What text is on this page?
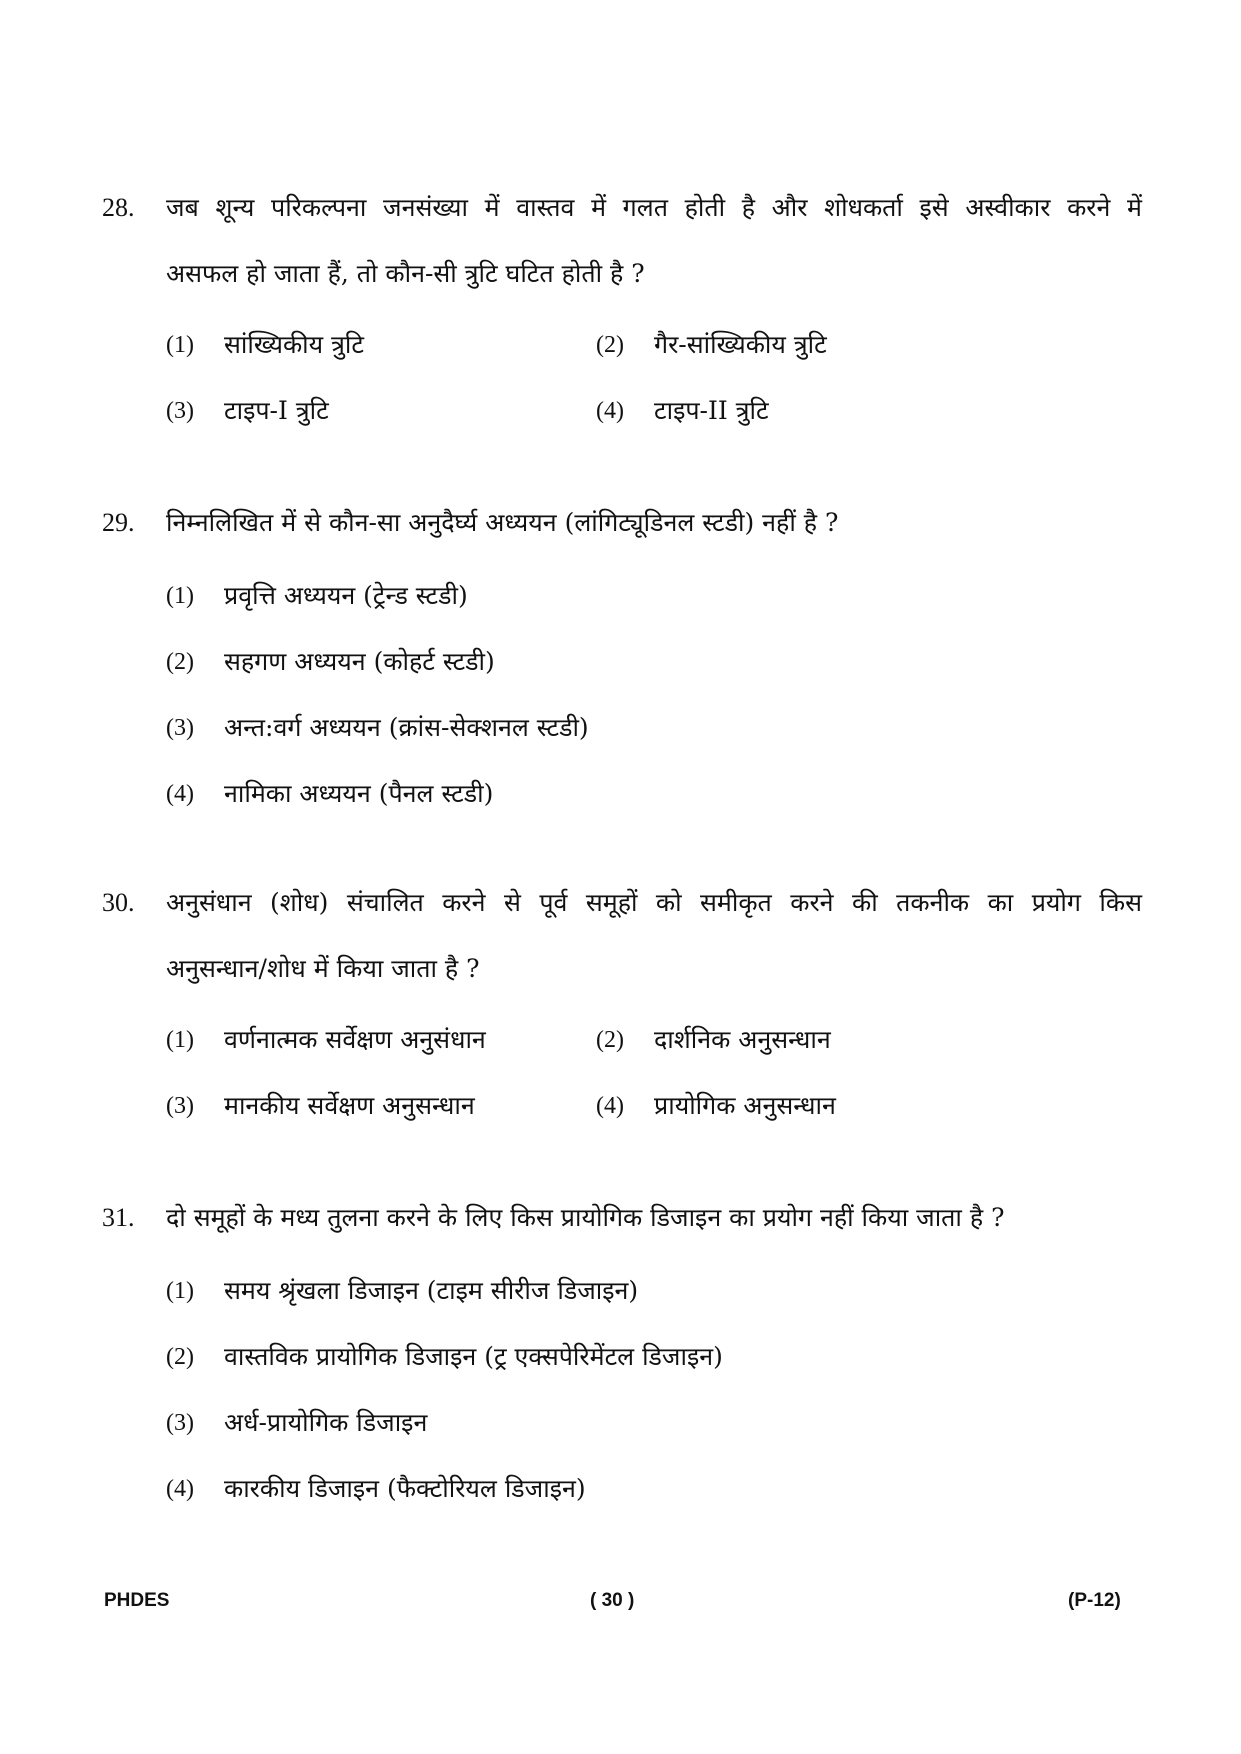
28.	जब शून्य परिकल्पना जनसंख्या में वास्तव में गलत होती है और शोधकर्ता इसे अस्वीकार करने में
असफल हो जाता हैं, तो कौन-सी त्रुटि घटित होती है ?
(1)	सांख्यिकीय त्रुटि	(2)	गैर-सांख्यिकीय त्रुटि
(3)	टाइप-I त्रुटि	(4)	टाइप-II त्रुटि
29.	निम्नलिखित में से कौन-सा अनुदैर्घ्य अध्ययन (लांगिट्यूडिनल स्टडी) नहीं है ?
(1)	प्रवृत्ति अध्ययन (ट्रेन्ड स्टडी)
(2)	सहगण अध्ययन (कोहर्ट स्टडी)
(3)	अन्त:वर्ग अध्ययन (क्रांस-सेक्शनल स्टडी)
(4)	नामिका अध्ययन (पैनल स्टडी)
30.	अनुसंधान (शोध) संचालित करने से पूर्व समूहों को समीकृत करने की तकनीक का प्रयोग किस
अनुसन्धान/शोध में किया जाता है ?
(1)	वर्णनात्मक सर्वेक्षण अनुसंधान	(2)	दार्शनिक अनुसन्धान
(3)	मानकीय सर्वेक्षण अनुसन्धान	(4)	प्रायोगिक अनुसन्धान
31.	दो समूहों के मध्य तुलना करने के लिए किस प्रायोगिक डिजाइन का प्रयोग नहीं किया जाता है ?
(1)	समय श्रृंखला डिजाइन (टाइम सीरीज डिजाइन)
(2)	वास्तविक प्रायोगिक डिजाइन (ट्र एक्सपेरिमेंटल डिजाइन)
(3)	अर्ध-प्रायोगिक डिजाइन
(4)	कारकीय डिजाइन (फैक्टोरियल डिजाइन)
PHDES	( 30 )	(P-12)
